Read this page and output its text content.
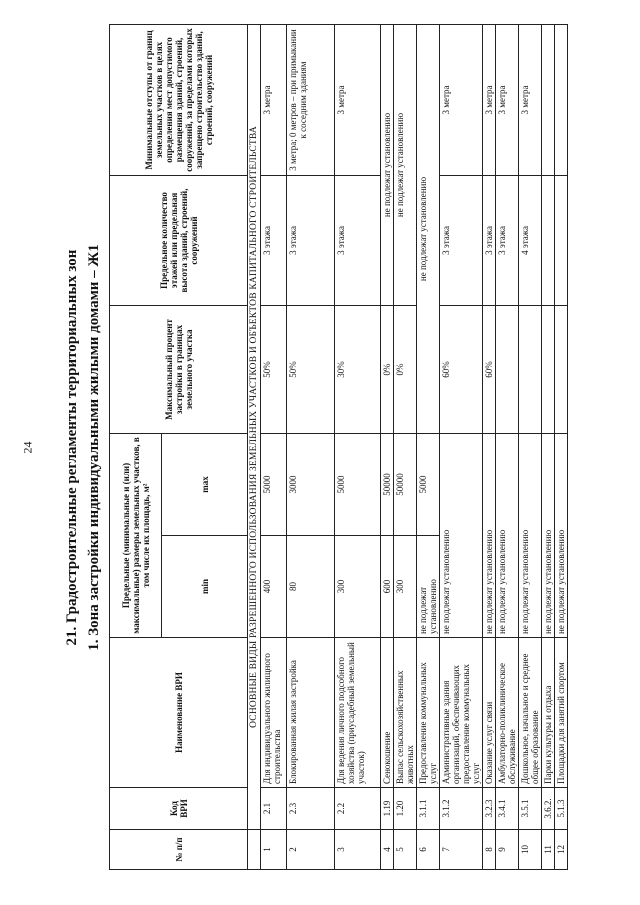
24 21. Градостроительные регламенты территориальных зон 1. Зона застройки индивидуальными жилыми домами – Ж1
№ п/п	Код ВРИ	Наименование ВРИ	Предельные (минимальные и (или) максимальные) размеры земельных участков, в том числе их площадь, м²		Максимальный процент застройки в границах земельного участка	Предельное количество этажей или предельная высота зданий, строений, сооружений	Минимальные отступы от границ земельных участков в целях определения мест допустимого размещения зданий, строений, сооружений, за пределами которых запрещено строительство зданий, строений, сооружений
			min	max			
	ОСНОВНЫЕ ВИДЫ РАЗРЕШЕННОГО ИСПОЛЬЗОВАНИЯ ЗЕМЕЛЬНЫХ УЧАСТКОВ И ОБЪЕКТОВ КАПИТАЛЬНОГО СТРОИТЕЛЬСТВА						
1	2.1	Для индивидуального жилищного строительства	400	5000	50%	3 этажа	3 метра
2	2.3	Блокированная жилая застройка	80	3000	50%	3 этажа	3 метра; 0 метров – при примыкании к соседним зданиям
3	2.2	Для ведения личного подсобного хозяйства (приусадебный земельный участок)	300	5000	30%	3 этажа	3 метра
4	1.19	Сенокошение	600	50000	0%	не подлежат установлению	
5	1.20	Выпас сельскохозяйственных животных	300	50000	0%	не подлежат установлению	
6	3.1.1	Предоставление коммунальных услуг	не подлежат установлению	5000	не подлежат установлению		
7	3.1.2	Административные здания организаций, обеспечивающих предоставление коммунальных услуг	не подлежат установлению		60%	3 этажа	3 метра
8	3.2.3	Оказание услуг связи	не подлежат установлению		60%	3 этажа	3 метра
9	3.4.1	Амбулаторно-поликлиническое обслуживание	не подлежат установлению			3 этажа	3 метра
10	3.5.1	Дошкольное, начальное и среднее общее образование	не подлежат установлению			4 этажа	3 метра
11	3.6.2.	Парки культуры и отдыха	не подлежат установлению				
12	5.1.3	Площадки для занятий спортом	не подлежат установлению				
